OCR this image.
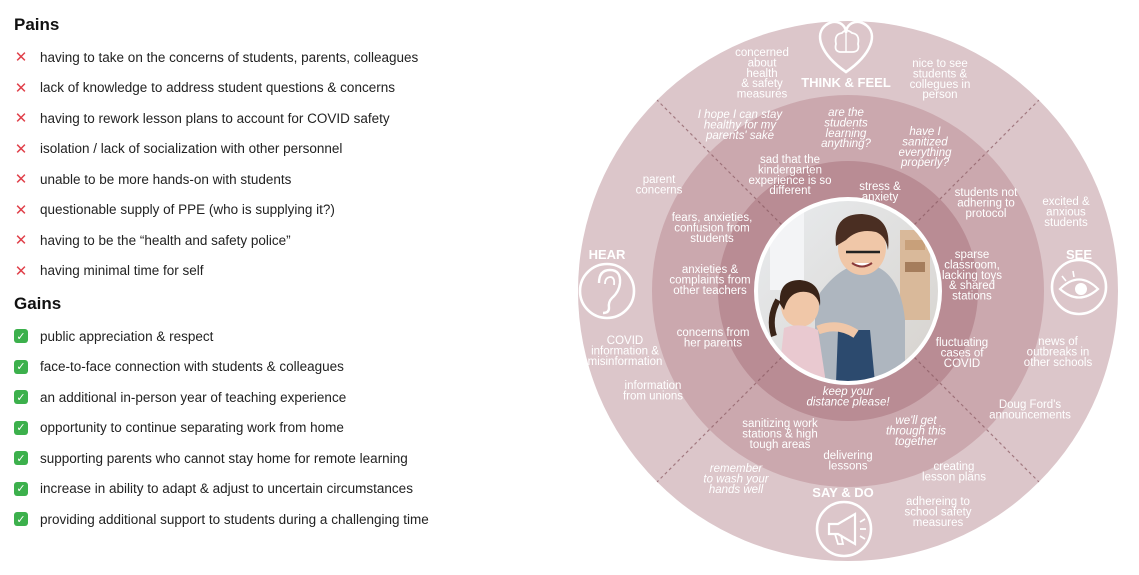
Pains
✕ having to take on the concerns of students, parents, colleagues
✕ lack of knowledge to address student questions & concerns
✕ having to rework lesson plans to account for COVID safety
✕ isolation / lack of socialization with other personnel
✕ unable to be more hands-on with students
✕ questionable supply of PPE (who is supplying it?)
✕ having to be the “health and safety police”
✕ having minimal time for self
Gains
✓ public appreciation & respect
✓ face-to-face connection with students & colleagues
✓ an additional in-person year of teaching experience
✓ opportunity to continue separating work from home
✓ supporting parents who cannot stay home for remote learning
✓ increase in ability to adapt & adjust to uncertain circumstances
✓ providing additional support to students during a challenging time
THINK & FEEL
SEE
HEAR
SAY & DO
concerned
about
health
& safety
measures
nice to see
students &
collegues in
person
I hope I can stay
healthy for my
parents' sake
are the
students
learning
anything?
have I
sanitized
everything
properly?
sad that the
kindergarten
experience is so
different	stress &
anxiety	excited &
anxious
students
news of
outbreaks in
other schools
students not
adhering to
protocol
sparse
classroom,
lacking toys
& shared
stations
fluctuating
cases of
COVID
remember
to wash your
hands well
creating
lesson plans
adhereing to
school safety
measures
Doug Ford's
announcements
sanitizing work
stations & high
tough areas
delivering
lessons
we'll get
through this
together
keep your
distance please!
parent
concerns
COVID
information &
misinformation
information
from unions
fears, anxieties,
confusion from
students
anxieties &
complaints from
other teachers
concerns from
her parents
